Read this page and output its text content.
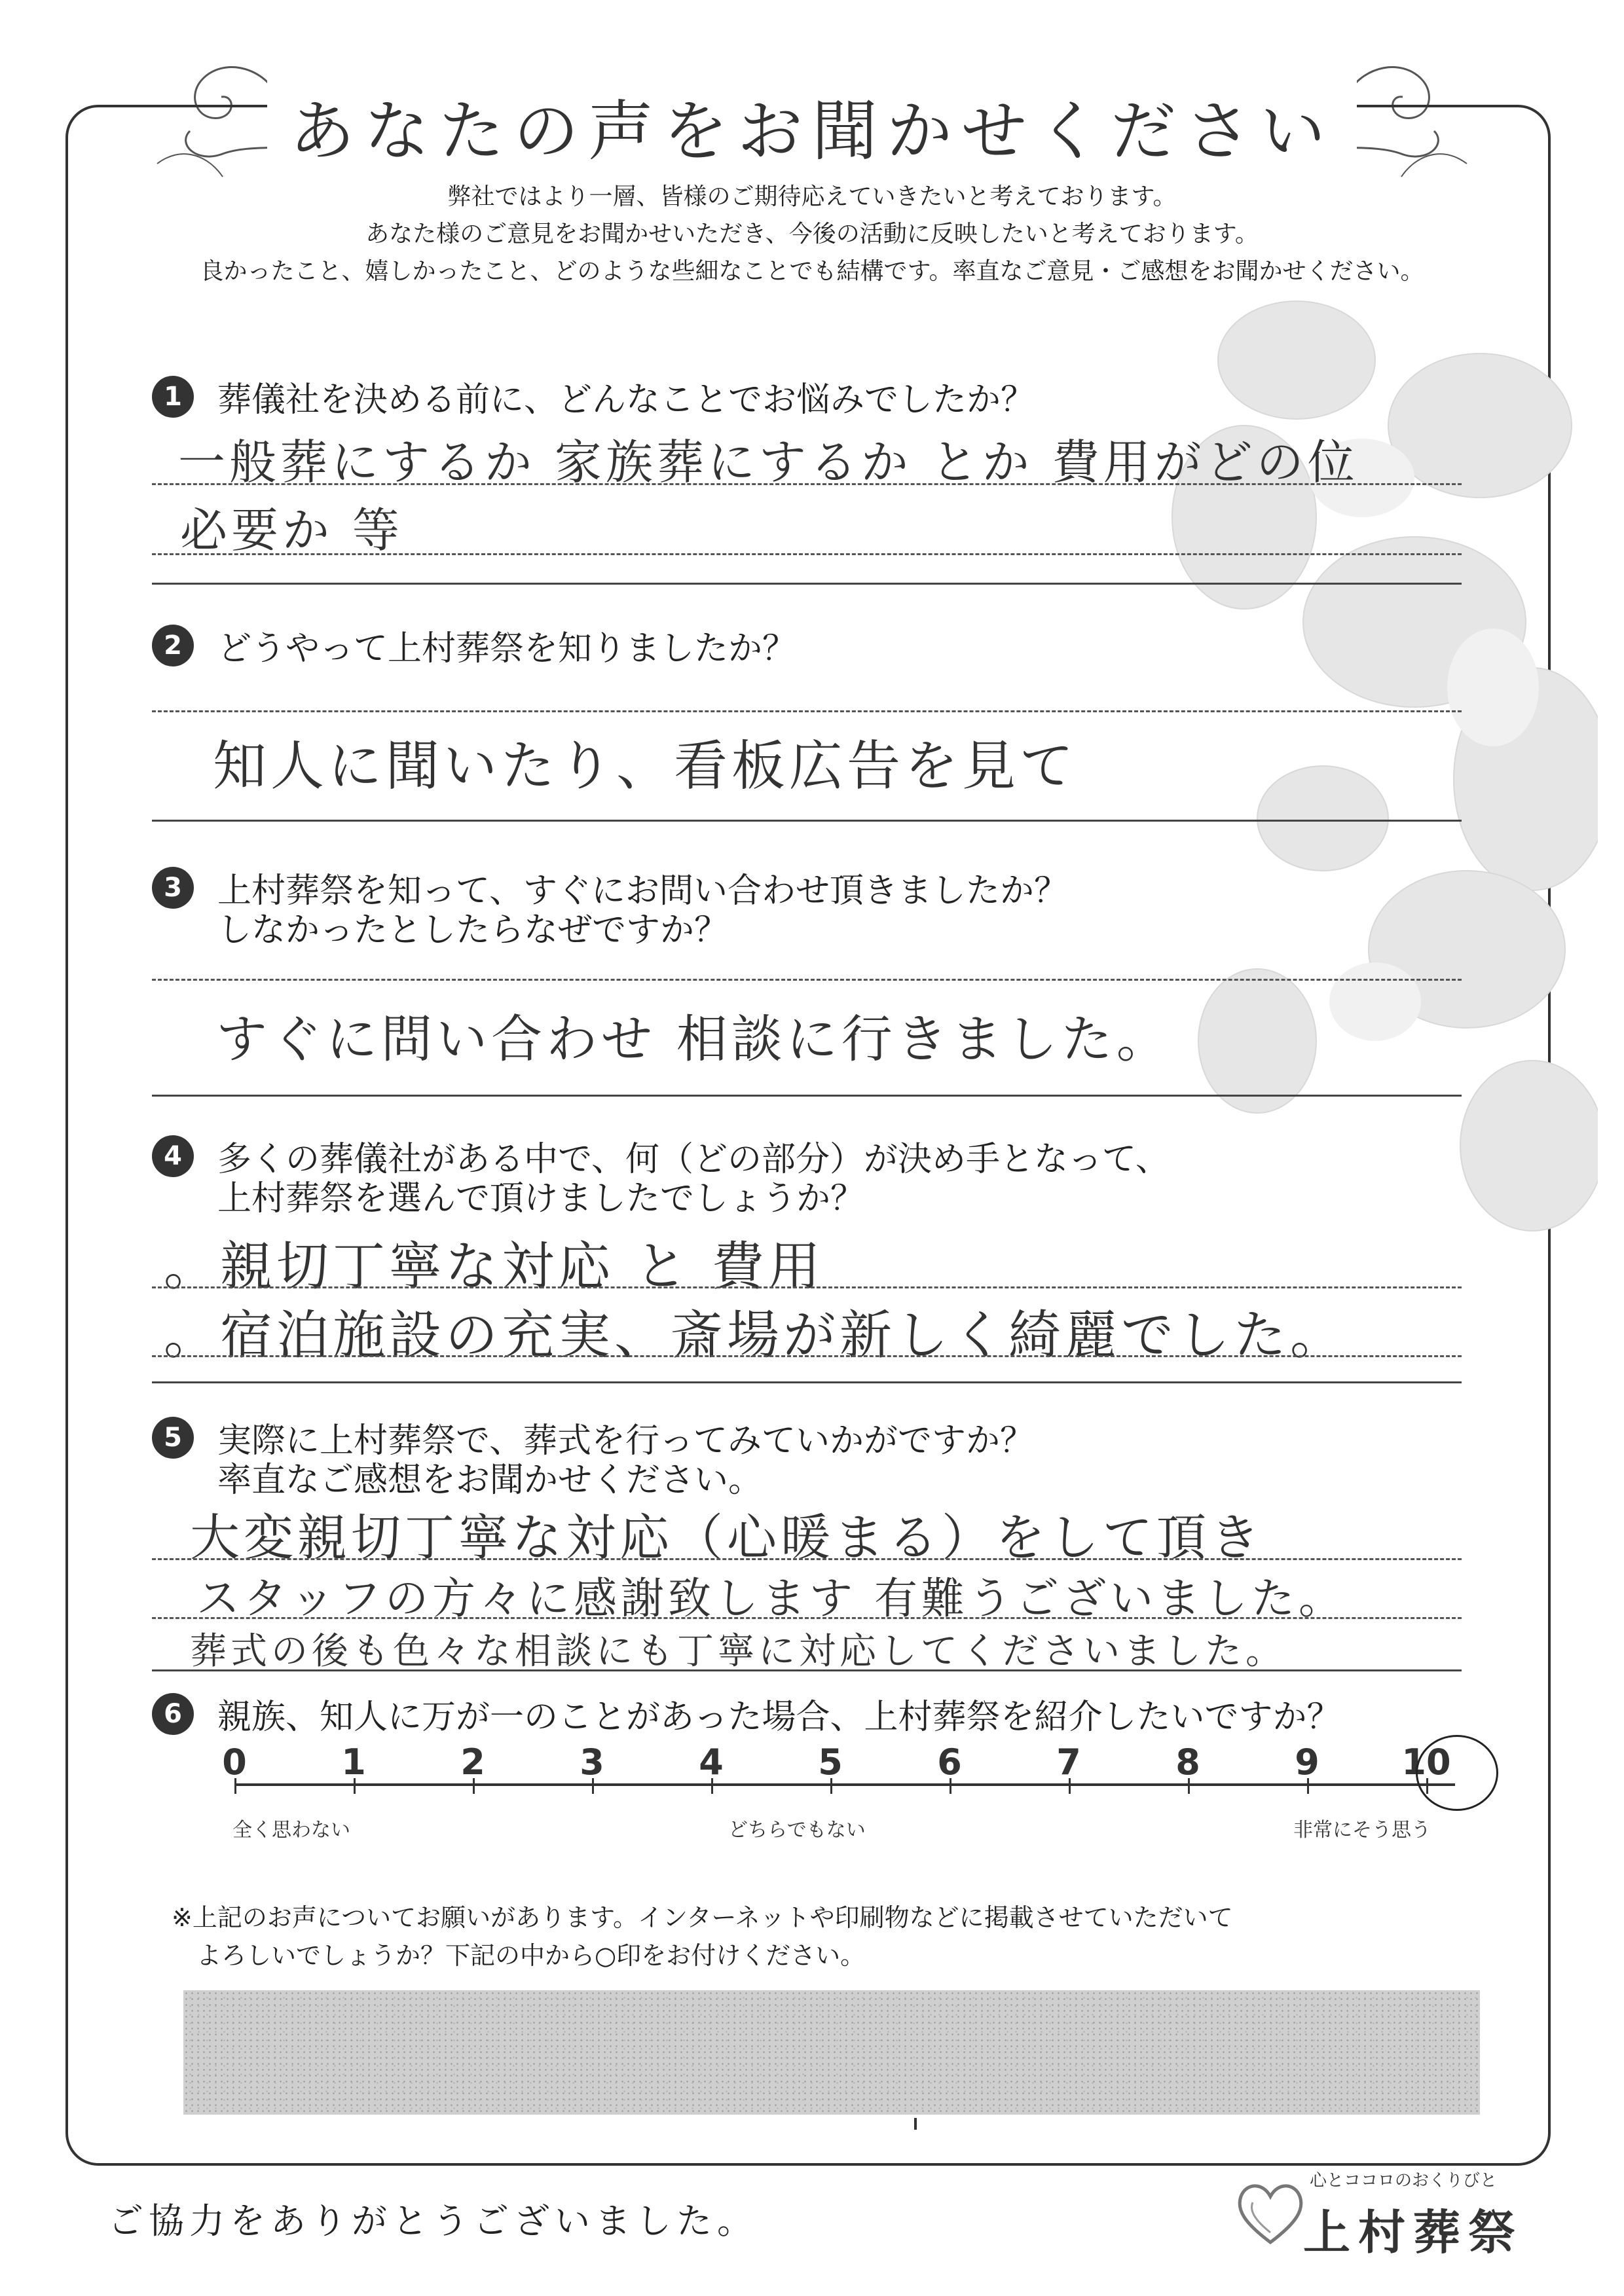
あなたの声をお聞かせください
弊社ではより一層、皆様のご期待応えていきたいと考えております。
あなた様のご意見をお聞かせいただき、今後の活動に反映したいと考えております。
良かったこと、嬉しかったこと、どのような些細なことでも結構です。率直なご意見・ご感想をお聞かせください。
1	葬儀社を決める前に、どんなことでお悩みでしたか？
一般葬にするか 家族葬にするか とか 費用がどの位
必要か 等
2	どうやって上村葬祭を知りましたか？
知人に聞いたり、看板広告を見て
3	上村葬祭を知って、すぐにお問い合わせ頂きましたか？
しなかったとしたらなぜですか？
すぐに問い合わせ 相談に行きました。
4	多くの葬儀社がある中で、何（どの部分）が決め手となって、
上村葬祭を選んで頂けましたでしょうか？
。親切丁寧な対応 と 費用
。宿泊施設の充実、斎場が新しく綺麗でした。
5	実際に上村葬祭で、葬式を行ってみていかがですか？
率直なご感想をお聞かせください。
大変親切丁寧な対応（心暖まる）をして頂き
スタッフの方々に感謝致します 有難うございました。
葬式の後も色々な相談にも丁寧に対応してくださいました。
6	親族、知人に万が一のことがあった場合、上村葬祭を紹介したいですか？
0	1	2	3	4	5	6	7	8	9	10
全く思わない	どちらでもない	非常にそう思う
※上記のお声についてお願いがあります。インターネットや印刷物などに掲載させていただいて
よろしいでしょうか？下記の中から○印をお付けください。
ご協力をありがとうございました。
心とココロのおくりびと
上村葬祭
